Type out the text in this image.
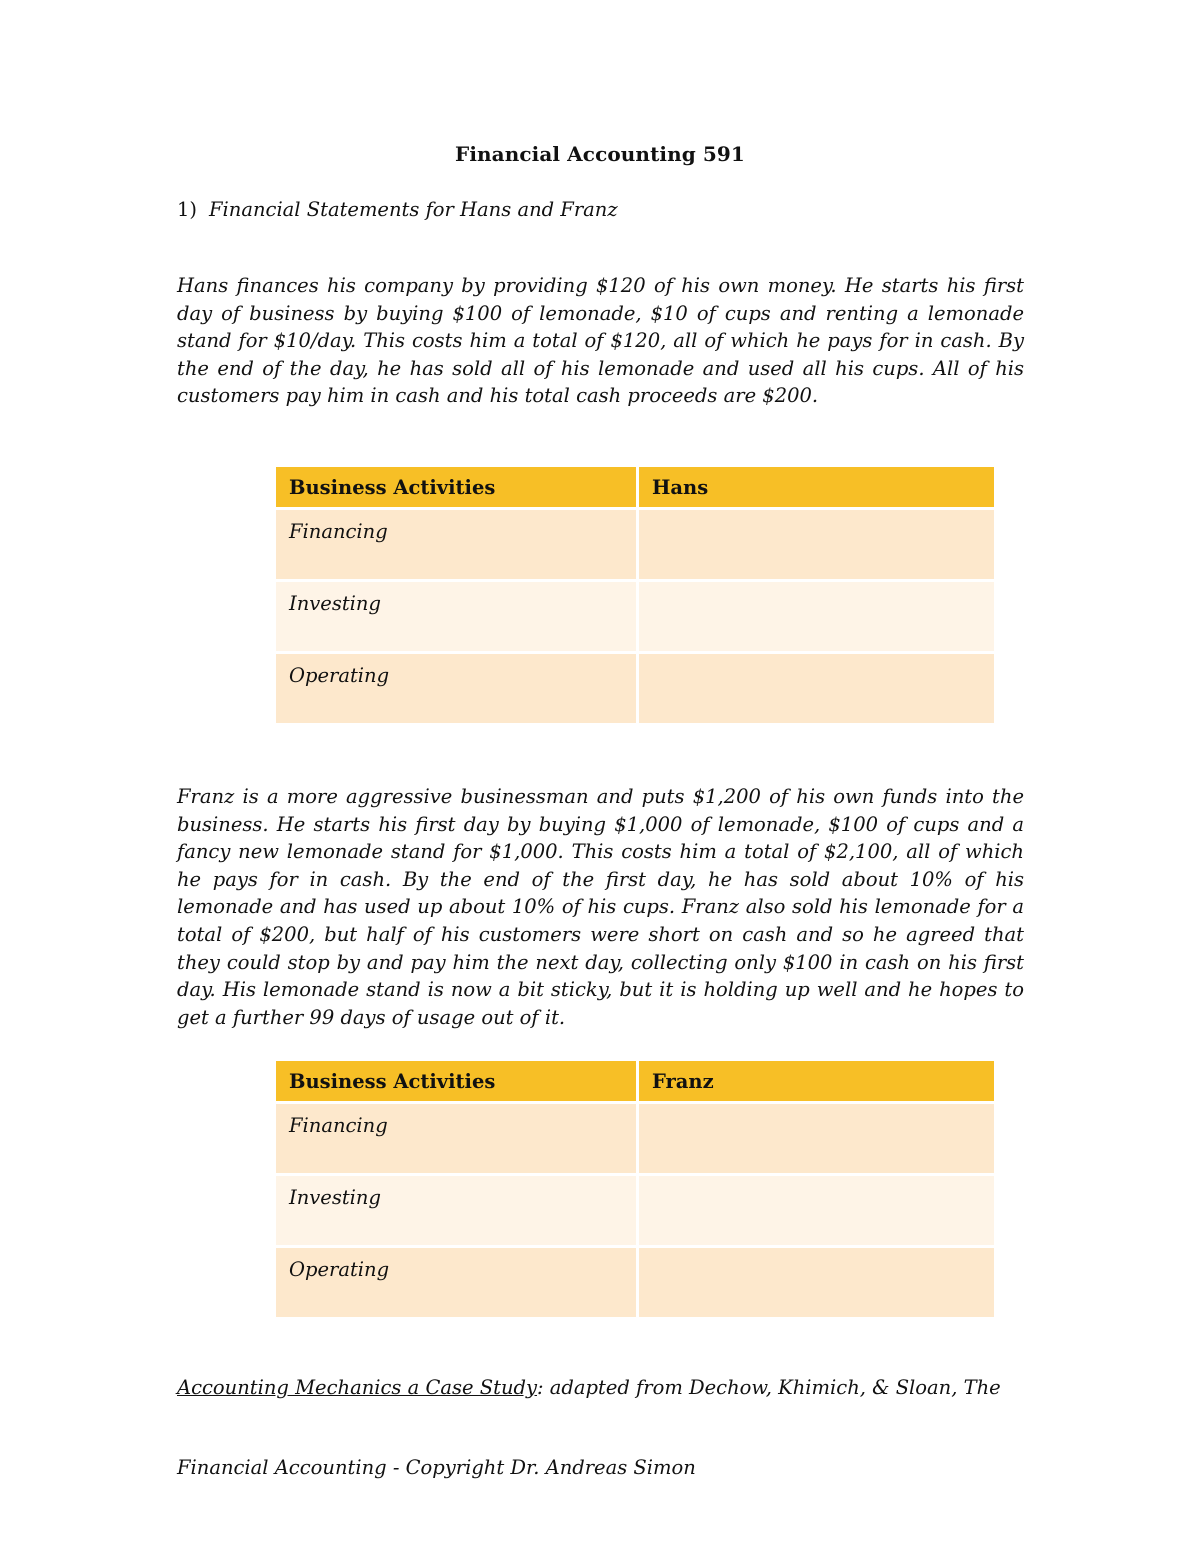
Financial Accounting 591
1) Financial Statements for Hans and Franz

Hans finances his company by providing $120 of his own money. He starts his first day of business by buying $100 of lemonade, $10 of cups and renting a lemonade stand for $10/day. This costs him a total of $120, all of which he pays for in cash. By the end of the day, he has sold all of his lemonade and used all his cups. All of his customers pay him in cash and his total cash proceeds are $200.

Business Activities	Hans
Financing	
Investing	
Operating	

Franz is a more aggressive businessman and puts $1,200 of his own funds into the business. He starts his first day by buying $1,000 of lemonade, $100 of cups and a fancy new lemonade stand for $1,000. This costs him a total of $2,100, all of which he pays for in cash. By the end of the first day, he has sold about 10% of his lemonade and has used up about 10% of his cups. Franz also sold his lemonade for a total of $200, but half of his customers were short on cash and so he agreed that they could stop by and pay him the next day, collecting only $100 in cash on his first day. His lemonade stand is now a bit sticky, but it is holding up well and he hopes to get a further 99 days of usage out of it.

Business Activities	Franz
Financing	
Investing	
Operating	
Accounting Mechanics a Case Study: adapted from Dechow, Khimich, & Sloan, The
Financial Accounting - Copyright Dr. Andreas Simon
